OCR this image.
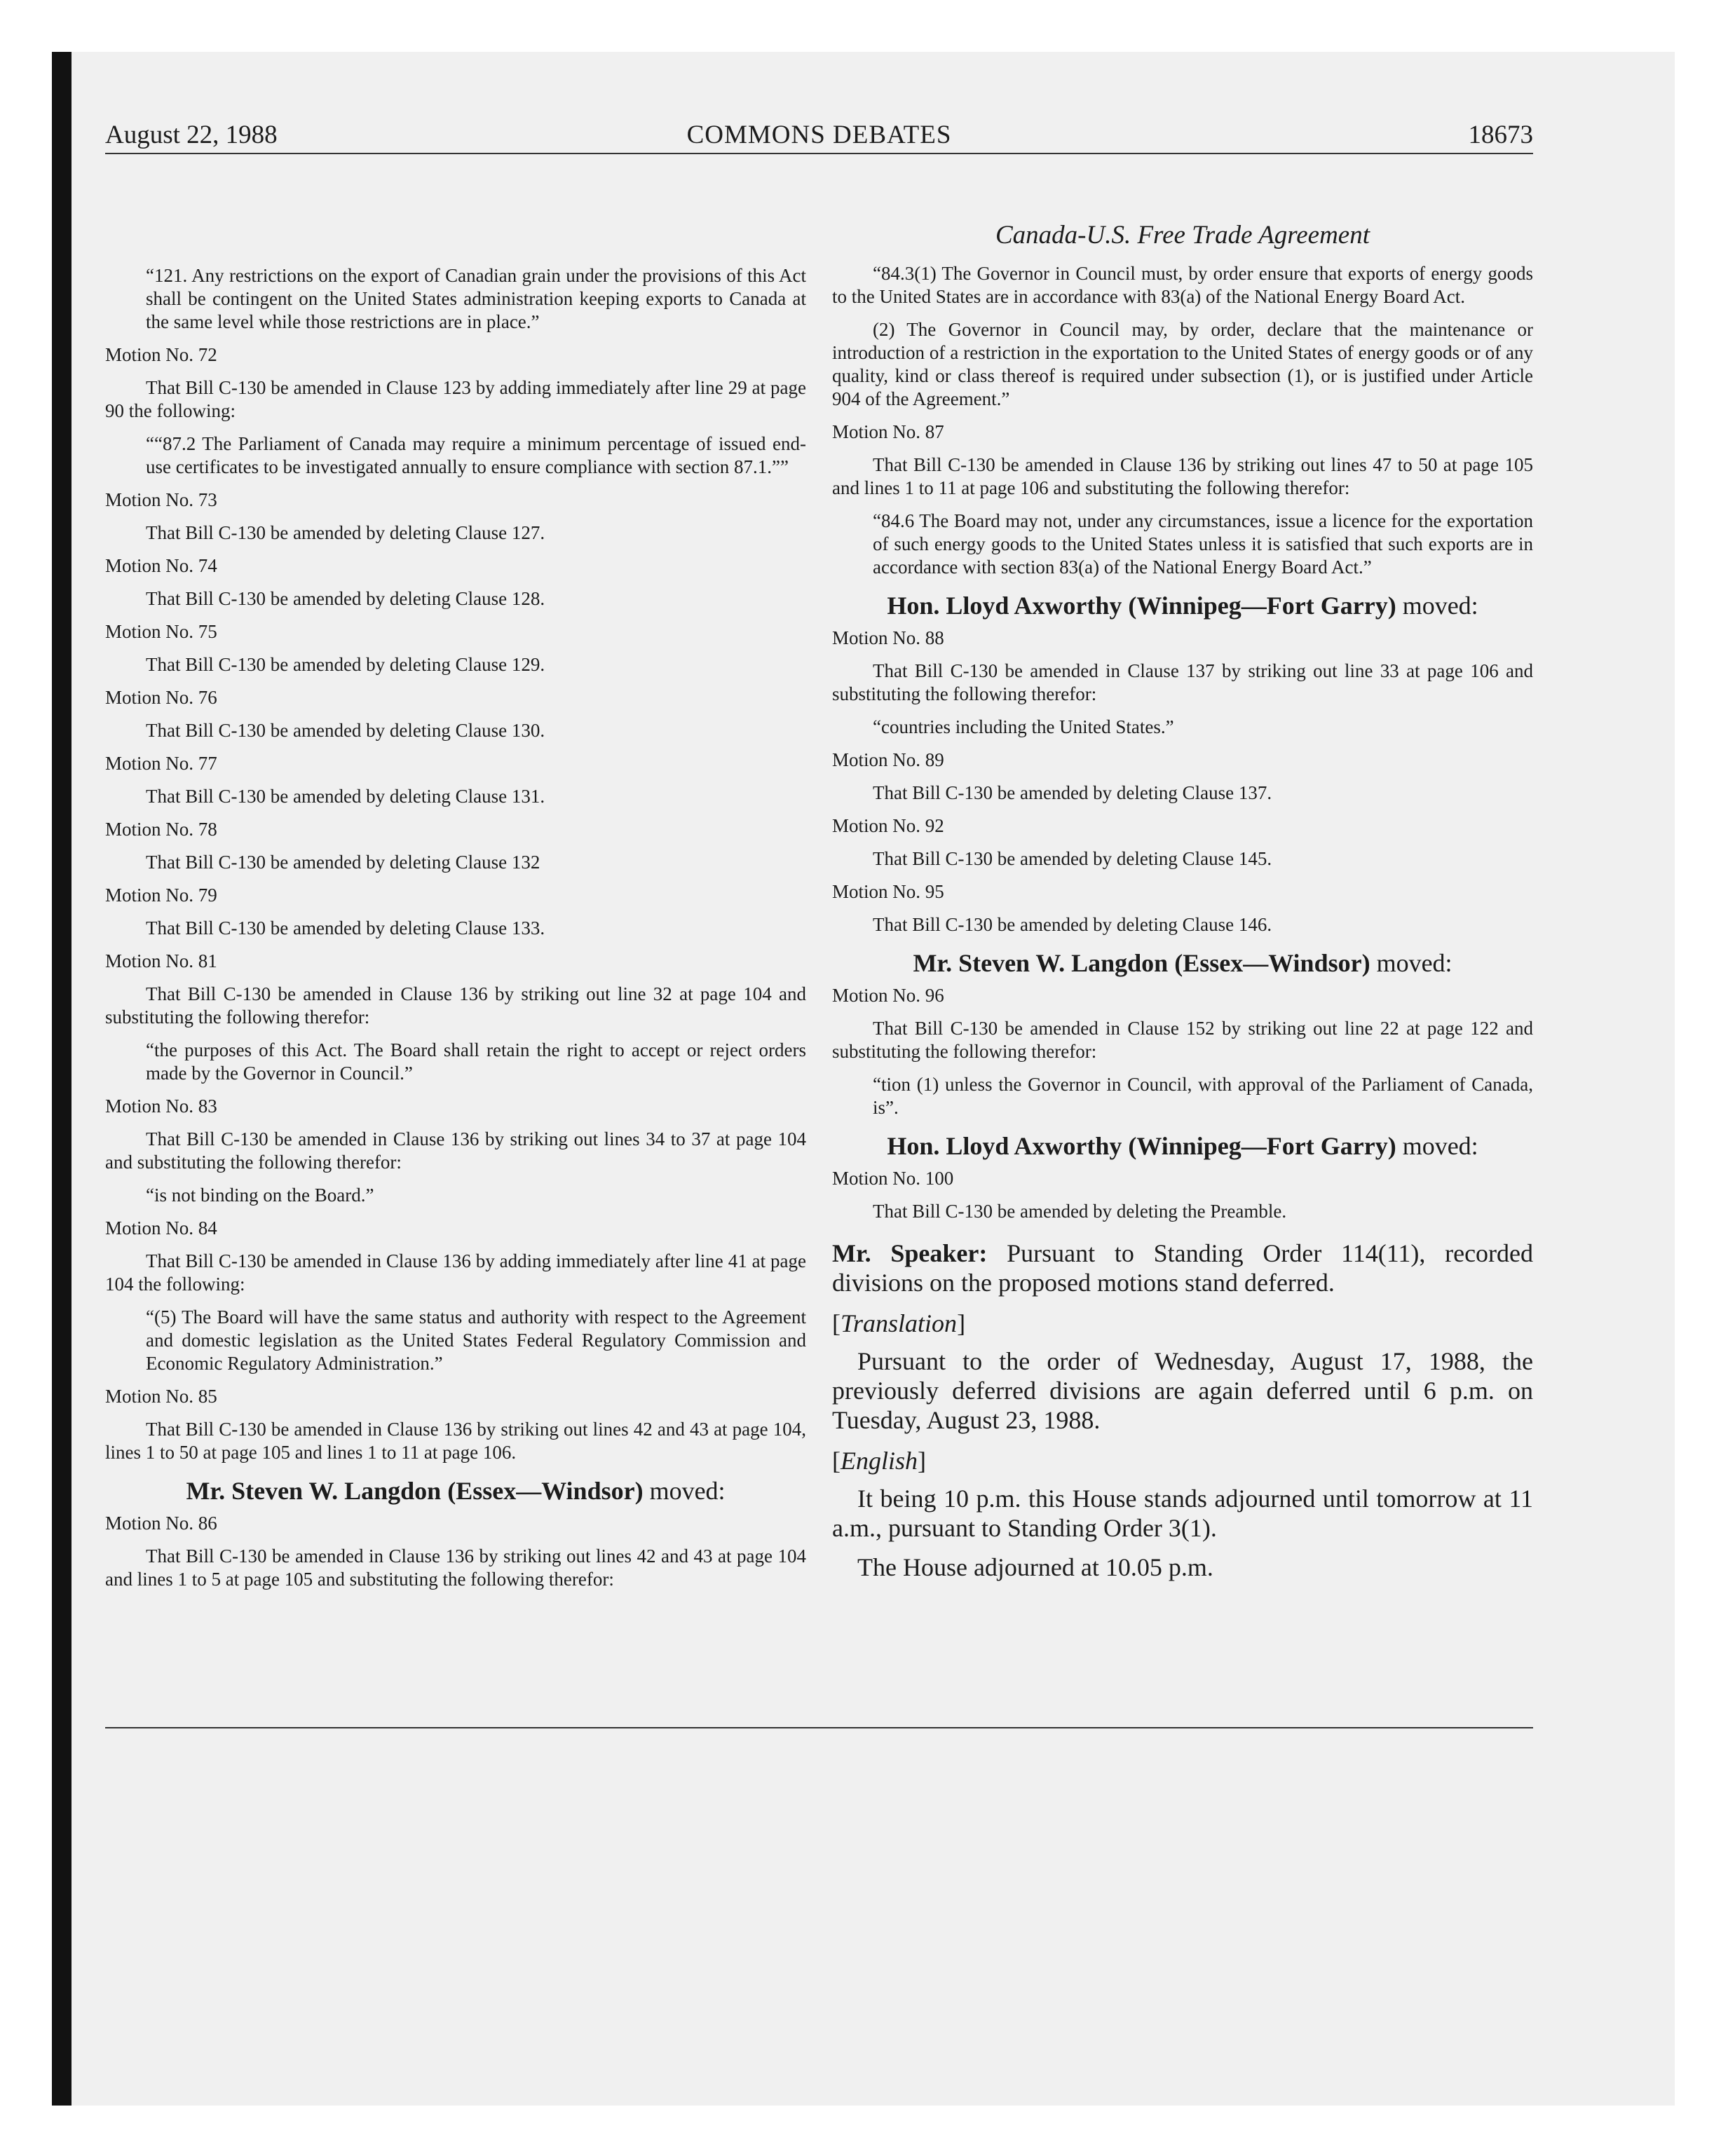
August 22, 1988	COMMONS DEBATES	18673

“121. Any restrictions on the export of Canadian grain under the provisions of this Act shall be contingent on the United States administration keeping exports to Canada at the same level while those restrictions are in place.”

Motion No. 72

That Bill C-130 be amended in Clause 123 by adding immediately after line 29 at page 90 the following:

““87.2 The Parliament of Canada may require a minimum percentage of issued end-use certificates to be investigated annually to ensure compliance with section 87.1.””

Motion No. 73

That Bill C-130 be amended by deleting Clause 127.

Motion No. 74

That Bill C-130 be amended by deleting Clause 128.

Motion No. 75

That Bill C-130 be amended by deleting Clause 129.

Motion No. 76

That Bill C-130 be amended by deleting Clause 130.

Motion No. 77

That Bill C-130 be amended by deleting Clause 131.

Motion No. 78

That Bill C-130 be amended by deleting Clause 132

Motion No. 79

That Bill C-130 be amended by deleting Clause 133.

Motion No. 81

That Bill C-130 be amended in Clause 136 by striking out line 32 at page 104 and substituting the following therefor:

“the purposes of this Act. The Board shall retain the right to accept or reject orders made by the Governor in Council.”

Motion No. 83

That Bill C-130 be amended in Clause 136 by striking out lines 34 to 37 at page 104 and substituting the following therefor:

“is not binding on the Board.”

Motion No. 84

That Bill C-130 be amended in Clause 136 by adding immediately after line 41 at page 104 the following:

“(5) The Board will have the same status and authority with respect to the Agreement and domestic legislation as the United States Federal Regulatory Commission and Economic Regulatory Administration.”

Motion No. 85

That Bill C-130 be amended in Clause 136 by striking out lines 42 and 43 at page 104, lines 1 to 50 at page 105 and lines 1 to 11 at page 106.

Mr. Steven W. Langdon (Essex—Windsor) moved:

Motion No. 86

That Bill C-130 be amended in Clause 136 by striking out lines 42 and 43 at page 104 and lines 1 to 5 at page 105 and substituting the following therefor:

Canada-U.S. Free Trade Agreement

“84.3(1) The Governor in Council must, by order ensure that exports of energy goods to the United States are in accordance with 83(a) of the National Energy Board Act.

(2) The Governor in Council may, by order, declare that the maintenance or introduction of a restriction in the exportation to the United States of energy goods or of any quality, kind or class thereof is required under subsection (1), or is justified under Article 904 of the Agreement.”

Motion No. 87

That Bill C-130 be amended in Clause 136 by striking out lines 47 to 50 at page 105 and lines 1 to 11 at page 106 and substituting the following therefor:

“84.6 The Board may not, under any circumstances, issue a licence for the exportation of such energy goods to the United States unless it is satisfied that such exports are in accordance with section 83(a) of the National Energy Board Act.”

Hon. Lloyd Axworthy (Winnipeg—Fort Garry) moved:

Motion No. 88

That Bill C-130 be amended in Clause 137 by striking out line 33 at page 106 and substituting the following therefor:

“countries including the United States.”

Motion No. 89

That Bill C-130 be amended by deleting Clause 137.

Motion No. 92

That Bill C-130 be amended by deleting Clause 145.

Motion No. 95

That Bill C-130 be amended by deleting Clause 146.

Mr. Steven W. Langdon (Essex—Windsor) moved:

Motion No. 96

That Bill C-130 be amended in Clause 152 by striking out line 22 at page 122 and substituting the following therefor:

“tion (1) unless the Governor in Council, with approval of the Parliament of Canada, is”.

Hon. Lloyd Axworthy (Winnipeg—Fort Garry) moved:

Motion No. 100

That Bill C-130 be amended by deleting the Preamble.

Mr. Speaker: Pursuant to Standing Order 114(11), recorded divisions on the proposed motions stand deferred.

[Translation]

Pursuant to the order of Wednesday, August 17, 1988, the previously deferred divisions are again deferred until 6 p.m. on Tuesday, August 23, 1988.

[English]

It being 10 p.m. this House stands adjourned until tomorrow at 11 a.m., pursuant to Standing Order 3(1).

The House adjourned at 10.05 p.m.
